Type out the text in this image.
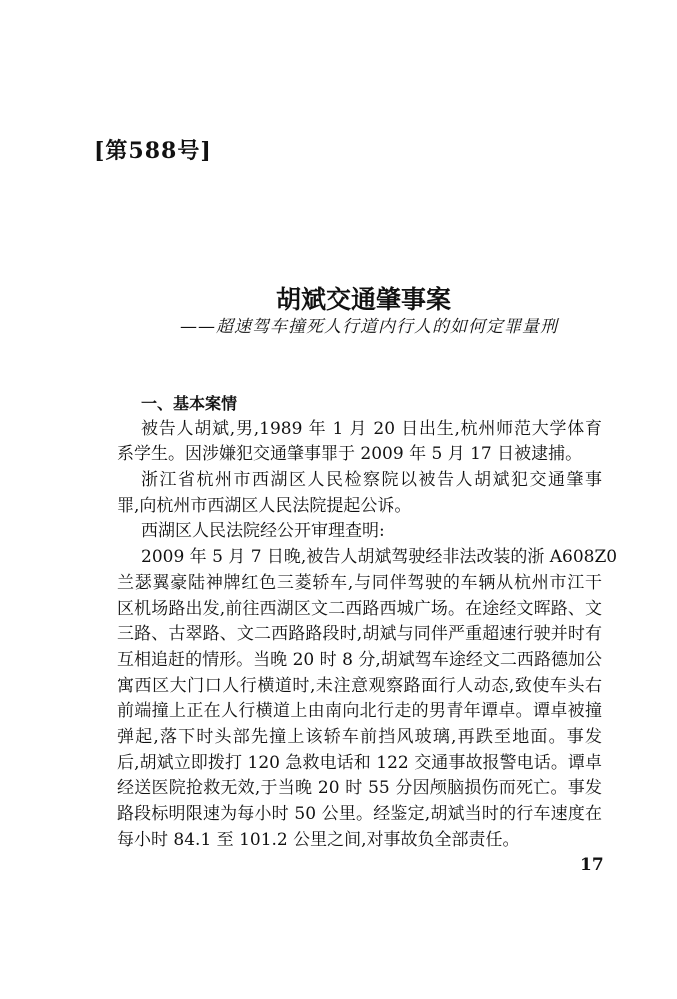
[第588号]
胡斌交通肇事案
——超速驾车撞死人行道内行人的如何定罪量刑
一、基本案情
被告人胡斌,男,1989 年 1 月 20 日出生,杭州师范大学体育
系学生。因涉嫌犯交通肇事罪于 2009 年 5 月 17 日被逮捕。
浙江省杭州市西湖区人民检察院以被告人胡斌犯交通肇事
罪,向杭州市西湖区人民法院提起公诉。
西湖区人民法院经公开审理查明:
2009 年 5 月 7 日晚,被告人胡斌驾驶经非法改装的浙 A608Z0
兰瑟翼豪陆神牌红色三菱轿车,与同伴驾驶的车辆从杭州市江干
区机场路出发,前往西湖区文二西路西城广场。在途经文晖路、文
三路、古翠路、文二西路路段时,胡斌与同伴严重超速行驶并时有
互相追赶的情形。当晚 20 时 8 分,胡斌驾车途经文二西路德加公
寓西区大门口人行横道时,未注意观察路面行人动态,致使车头右
前端撞上正在人行横道上由南向北行走的男青年谭卓。谭卓被撞
弹起,落下时头部先撞上该轿车前挡风玻璃,再跌至地面。事发
后,胡斌立即拨打 120 急救电话和 122 交通事故报警电话。谭卓
经送医院抢救无效,于当晚 20 时 55 分因颅脑损伤而死亡。事发
路段标明限速为每小时 50 公里。经鉴定,胡斌当时的行车速度在
每小时 84.1 至 101.2 公里之间,对事故负全部责任。
17
